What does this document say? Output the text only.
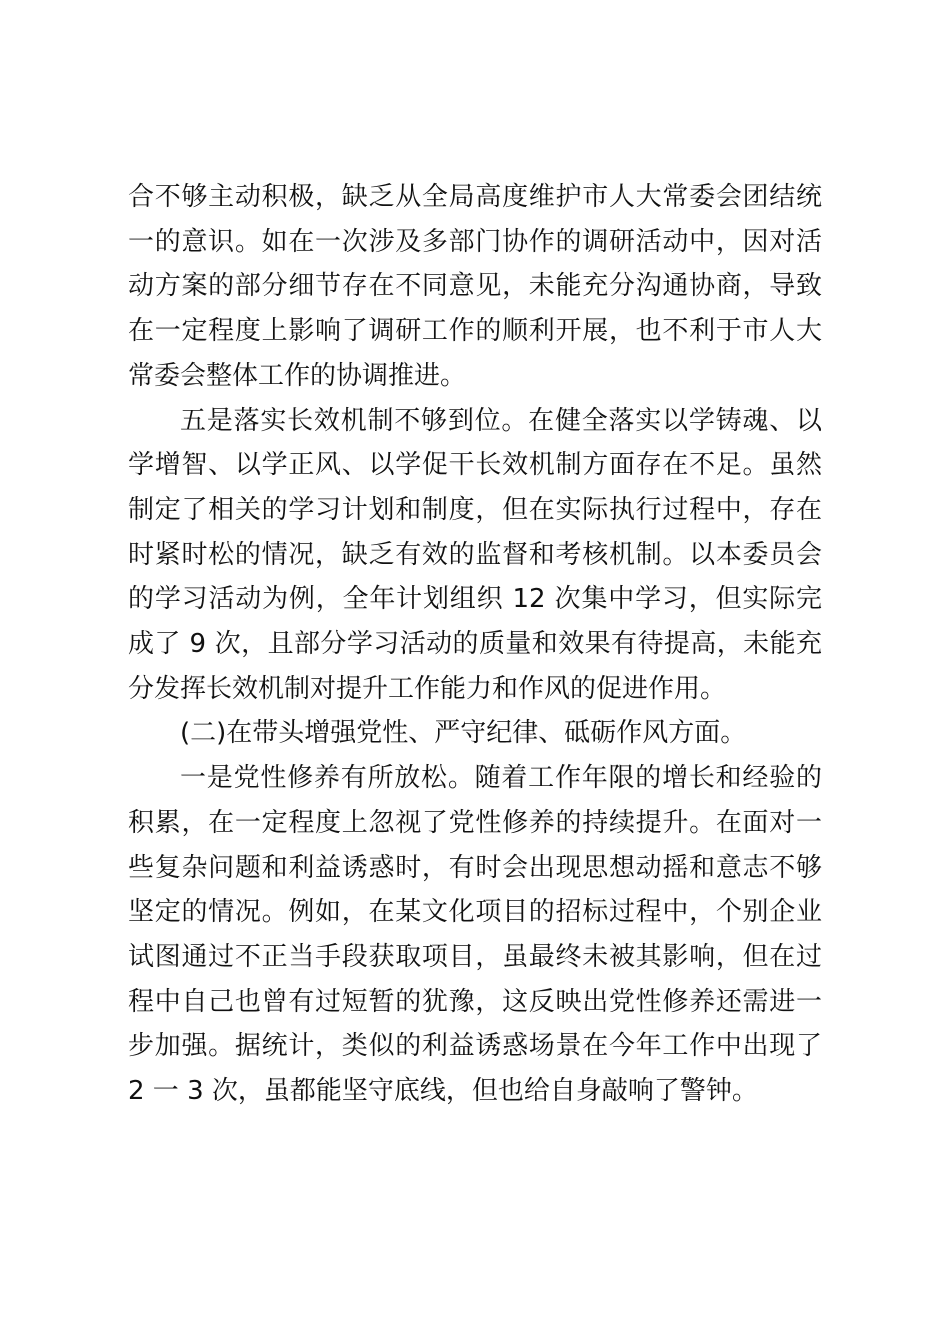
合不够主动积极，缺乏从全局高度维护市人大常委会团结统一的意识。如在一次涉及多部门协作的调研活动中，因对活动方案的部分细节存在不同意见，未能充分沟通协商，导致在一定程度上影响了调研工作的顺利开展，也不利于市人大常委会整体工作的协调推进。

五是落实长效机制不够到位。在健全落实以学铸魂、以学增智、以学正风、以学促干长效机制方面存在不足。虽然制定了相关的学习计划和制度，但在实际执行过程中，存在时紧时松的情况，缺乏有效的监督和考核机制。以本委员会的学习活动为例，全年计划组织 12 次集中学习，但实际完成了 9 次，且部分学习活动的质量和效果有待提高，未能充分发挥长效机制对提升工作能力和作风的促进作用。

(二)在带头增强党性、严守纪律、砥砺作风方面。

一是党性修养有所放松。随着工作年限的增长和经验的积累，在一定程度上忽视了党性修养的持续提升。在面对一些复杂问题和利益诱惑时，有时会出现思想动摇和意志不够坚定的情况。例如，在某文化项目的招标过程中，个别企业试图通过不正当手段获取项目，虽最终未被其影响，但在过程中自己也曾有过短暂的犹豫，这反映出党性修养还需进一步加强。据统计，类似的利益诱惑场景在今年工作中出现了 2 一 3 次，虽都能坚守底线，但也给自身敲响了警钟。
